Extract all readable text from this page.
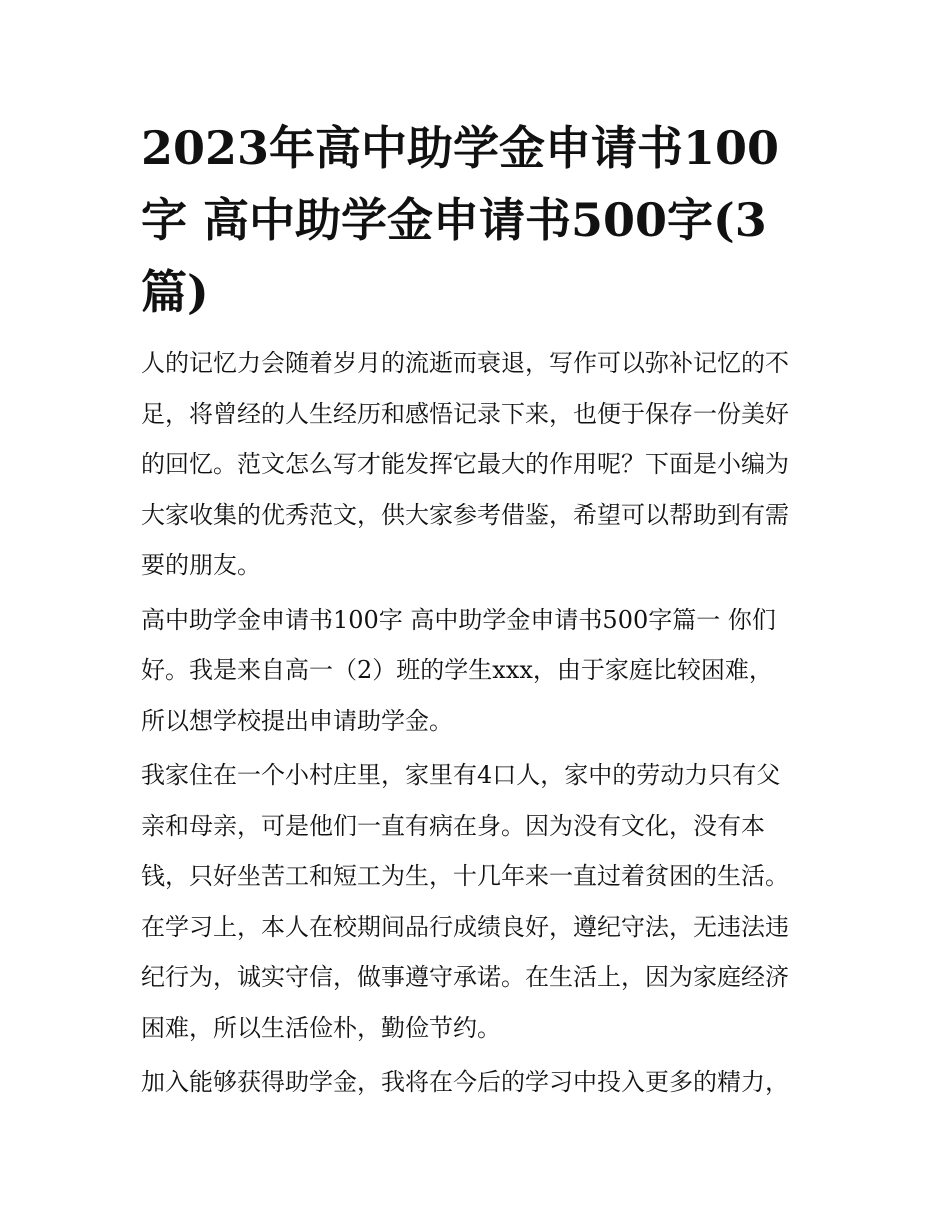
2023年高中助学金申请书100
字 高中助学金申请书500字(3
篇)

人的记忆力会随着岁月的流逝而衰退，写作可以弥补记忆的不
足，将曾经的人生经历和感悟记录下来，也便于保存一份美好
的回忆。范文怎么写才能发挥它最大的作用呢？下面是小编为
大家收集的优秀范文，供大家参考借鉴，希望可以帮助到有需
要的朋友。

高中助学金申请书100字 高中助学金申请书500字篇一 你们
好。我是来自高一（2）班的学生xxx，由于家庭比较困难，
所以想学校提出申请助学金。

我家住在一个小村庄里，家里有4口人，家中的劳动力只有父
亲和母亲，可是他们一直有病在身。因为没有文化，没有本
钱，只好坐苦工和短工为生，十几年来一直过着贫困的生活。
在学习上，本人在校期间品行成绩良好，遵纪守法，无违法违
纪行为，诚实守信，做事遵守承诺。在生活上，因为家庭经济
困难，所以生活俭朴，勤俭节约。

加入能够获得助学金，我将在今后的学习中投入更多的精力，
